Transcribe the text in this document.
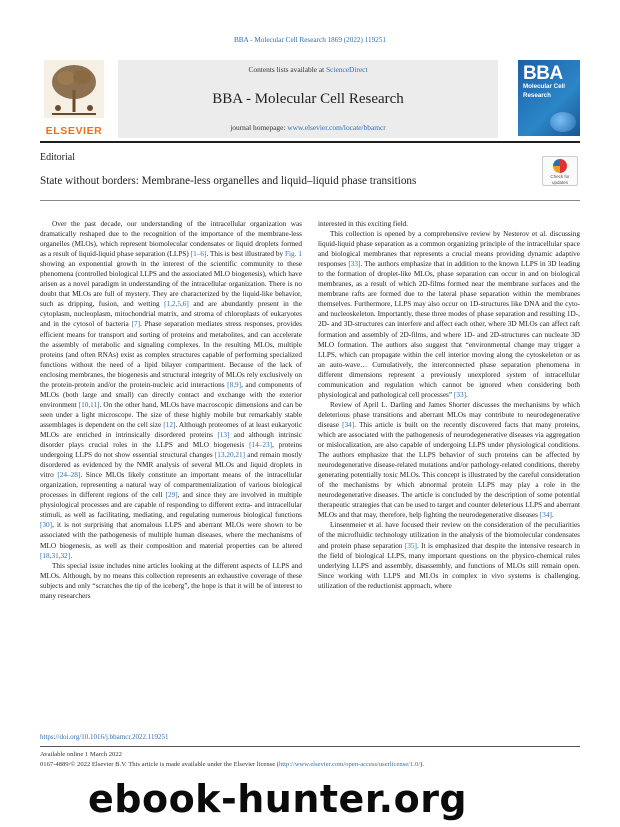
BBA - Molecular Cell Research 1869 (2022) 119251
ELSEVIER
Contents lists available at ScienceDirect
BBA - Molecular Cell Research
journal homepage: www.elsevier.com/locate/bbamcr
BBA
Molecular Cell
Research
Editorial
State without borders: Membrane-less organelles and liquid–liquid phase transitions	Check for
updates

Over the past decade, our understanding of the intracellular organization was dramatically reshaped due to the recognition of the importance of the membrane-less organelles (MLOs), which represent biomolecular condensates or liquid droplets formed as a result of liquid-liquid phase separation (LLPS) [1–6]. This is best illustrated by Fig. 1 showing an exponential growth in the interest of the scientific community to these phenomena (controlled biological LLPS and the associated MLO biogenesis), which have arisen as a novel paradigm in understanding of the intracellular organization. There is no doubt that MLOs are full of mystery. They are characterized by the liquid-like behavior, such as dripping, fusion, and wetting [1,2,5,6] and are abundantly present in the cytoplasm, nucleoplasm, mitochondrial matrix, and stroma of chloroplasts of eukaryotes and in the cytosol of bacteria [7]. Phase separation mediates stress responses, provides efficient means for transport and sorting of proteins and metabolites, and can accelerate the assembly of metabolic and signaling complexes. In the resulting MLOs, multiple proteins (and often RNAs) exist as complex structures capable of performing specialized functions without the need of a lipid bilayer compartment. Because of the lack of enclosing membranes, the biogenesis and structural integrity of MLOs rely exclusively on the protein-protein and/or the protein-nucleic acid interactions [8,9], and components of MLOs (both large and small) can directly contact and exchange with the exterior environment [10,11]. On the other hand, MLOs have macroscopic dimensions and can be seen under a light microscope. The size of these highly mobile but remarkably stable assemblages is dependent on the cell size [12]. Although proteomes of at least eukaryotic MLOs are enriched in intrinsically disordered proteins [13] and although intrinsic disorder plays crucial roles in the LLPS and MLO biogenesis [14–23], proteins undergoing LLPS do not show essential structural changes [13,20,21] and remain mostly disordered as evidenced by the NMR analysis of several MLOs and liquid droplets in vitro [24–28]. Since MLOs likely constitute an important means of the intracellular organization, representing a natural way of compartmentalization of various biological processes in different regions of the cell [29], and since they are involved in multiple physiological processes and are capable of responding to different extra- and intracellular stimuli, as well as facilitating, mediating, and regulating numerous biological functions [30], it is not surprising that anomalous LLPS and aberrant MLOs were shown to be associated with the pathogenesis of multiple human diseases, where the mechanisms of MLO biogenesis, as well as their composition and material properties can be altered [18,31,32].

This special issue includes nine articles looking at the different aspects of LLPS and MLOs. Although, by no means this collection represents an exhaustive coverage of these subjects and only “scratches the tip of the iceberg”, the hope is that it will be of interest to many researchers

interested in this exciting field.

This collection is opened by a comprehensive review by Nesterov et al. discussing liquid-liquid phase separation as a common organizing principle of the intracellular space and biological membranes that represents a crucial means providing dynamic adaptive responses [33]. The authors emphasize that in addition to the known LLPS in 3D leading to the formation of droplet-like MLOs, phase separation can occur in and on biological membranes, as a result of which 2D-films formed near the membrane surfaces and the membrane rafts are formed due to the lateral phase separation within the membranes themselves. Furthermore, LLPS may also occur on 1D-structures like DNA and the cyto- and nucleoskeleton. Importantly, these three modes of phase separation and resulting 1D-, 2D- and 3D-structures can interfere and affect each other, where 3D MLOs can affect raft formation and assembly of 2D-films, and where 1D- and 2D-structures can nucleate 3D MLO formation. The authors also suggest that “environmental change may trigger a LLPS, which can propagate within the cell interior moving along the cytoskeleton or as an auto-wave… Cumulatively, the interconnected phase separation phenomena in different dimensions represent a previously unexplored system of intracellular communication and regulation which cannot be ignored when considering both physiological and pathological cell processes” [33].

Review of April L. Darling and James Shorter discusses the mechanisms by which deleterious phase transitions and aberrant MLOs may contribute to neurodegenerative disease [34]. This article is built on the recently discovered facts that many proteins, which are associated with the pathogenesis of neurodegenerative diseases via aggregation or mislocalization, are also capable of undergoing LLPS under physiological conditions. The authors emphasize that the LLPS behavior of such proteins can be affected by neurodegenerative disease-related mutations and/or pathology-related conditions, thereby generating potentially toxic MLOs. This concept is illustrated by the careful consideration of the mechanisms by which abnormal protein LLPS may play a role in the neurodegenerative diseases. The article is concluded by the description of some potential therapeutic strategies that can be used to target and counter deleterious LLPS and aberrant MLOs and that may, therefore, help fighting the neurodegenerative diseases [34].

Linsenmeier et al. have focused their review on the consideration of the peculiarities of the microfluidic technology utilization in the analysis of the biomolecular condensates and protein phase separation [35]. It is emphasized that despite the intensive research in the field of biological LLPS, many important questions on the physico-chemical rules underlying LLPS and assembly, disassembly, and functions of MLOs still remain open. Since working with LLPS and MLOs in complex in vivo systems is challenging, utilization of the reductionist approach, where

https://doi.org/10.1016/j.bbamcr.2022.119251
Available online 1 March 2022
0167-4889/© 2022 Elsevier B.V. This article is made available under the Elsevier license (http://www.elsevier.com/open-access/userlicense/1.0/).
ebook-hunter.org
